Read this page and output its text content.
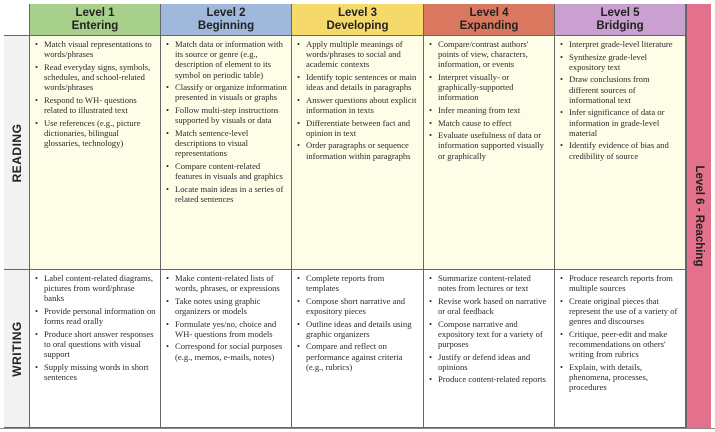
Level 1
Entering
Level 2
Beginning
Level 3
Developing
Level 4
Expanding
Level 5
Bridging
READING
• Match visual representations to words/phrases
• Read everyday signs, symbols, schedules, and school-related words/phrases
• Respond to WH- questions related to illustrated text
• Use references (e.g., picture dictionaries, bilingual glossaries, technology)
• Match data or information with its source or genre (e.g., description of element to its symbol on periodic table)
• Classify or organize information presented in visuals or graphs
• Follow multi-step instructions supported by visuals or data
• Match sentence-level descriptions to visual representations
• Compare content-related features in visuals and graphics
• Locate main ideas in a series of related sentences
• Apply multiple meanings of words/phrases to social and academic contexts
• Identify topic sentences or main ideas and details in paragraphs
• Answer questions about explicit information in texts
• Differentiate between fact and opinion in text
• Order paragraphs or sequence information within paragraphs
• Compare/contrast authors' points of view, characters, information, or events
• Interpret visually- or graphically-supported information
• Infer meaning from text
• Match cause to effect
• Evaluate usefulness of data or information supported visually or graphically
• Interpret grade-level literature
• Synthesize grade-level expository text
• Draw conclusions from different sources of informational text
• Infer significance of data or information in grade-level material
• Identify evidence of bias and credibility of source
WRITING
• Label content-related diagrams, pictures from word/phrase banks
• Provide personal information on forms read orally
• Produce short answer responses to oral questions with visual support
• Supply missing words in short sentences
• Make content-related lists of words, phrases, or expressions
• Take notes using graphic organizers or models
• Formulate yes/no, choice and WH- questions from models
• Correspond for social purposes (e.g., memos, e-mails, notes)
• Complete reports from templates
• Compose short narrative and expository pieces
• Outline ideas and details using graphic organizers
• Compare and reflect on performance against criteria (e.g., rubrics)
• Summarize content-related notes from lectures or text
• Revise work based on narrative or oral feedback
• Compose narrative and expository text for a variety of purposes
• Justify or defend ideas and opinions
• Produce content-related reports
• Produce research reports from multiple sources
• Create original pieces that represent the use of a variety of genres and discourses
• Critique, peer-edit and make recommendations on others' writing from rubrics
• Explain, with details, phenomena, processes, procedures
Level 6 - Reaching
